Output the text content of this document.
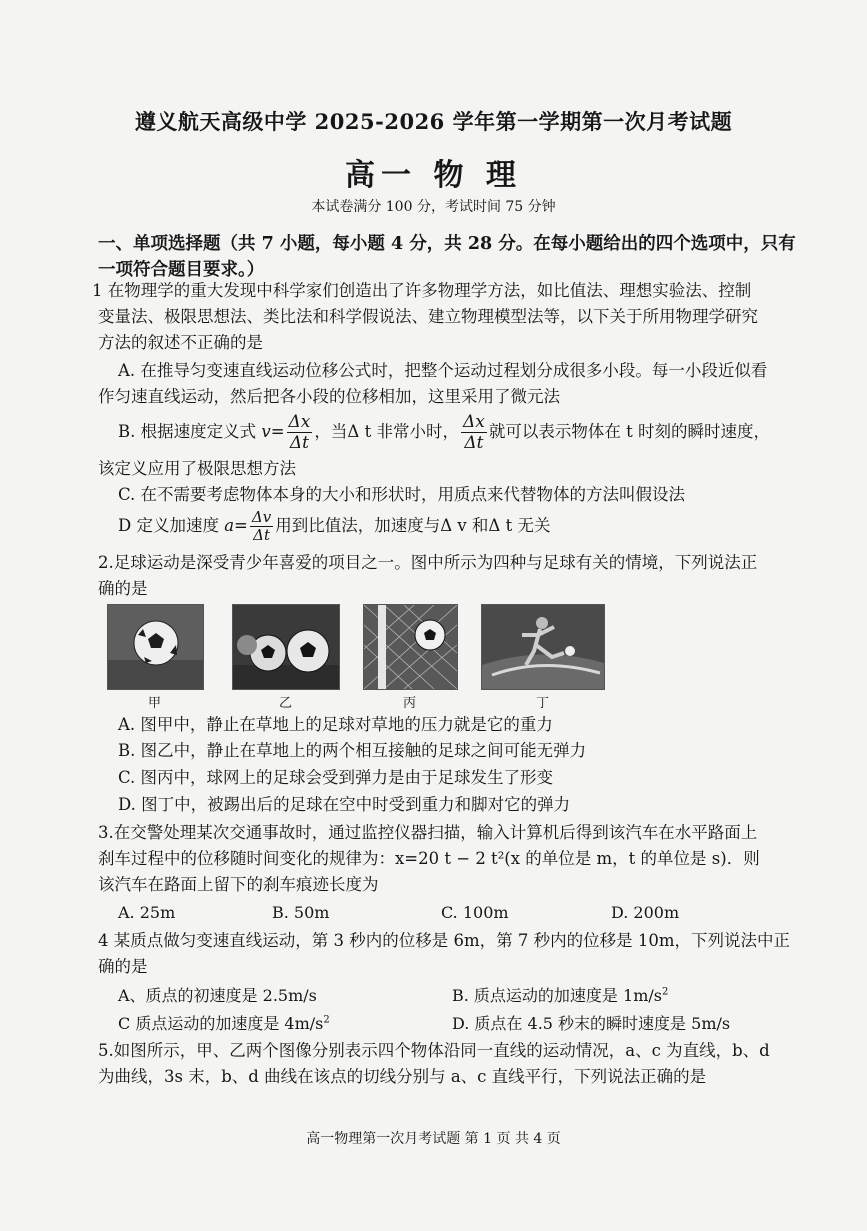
遵义航天高级中学 2025-2026 学年第一学期第一次月考试题
高一 物 理
本试卷满分 100 分，考试时间 75 分钟
一、单项选择题（共 7 小题，每小题 4 分，共 28 分。在每小题给出的四个选项中，只有
一项符合题目要求。）
1 在物理学的重大发现中科学家们创造出了许多物理学方法，如比值法、理想实验法、控制
变量法、极限思想法、类比法和科学假说法、建立物理模型法等，以下关于所用物理学研究
方法的叙述不正确的是
A. 在推导匀变速直线运动位移公式时，把整个运动过程划分成很多小段。每一小段近似看
作匀速直线运动，然后把各小段的位移相加，这里采用了微元法
B. 根据速度定义式 $v= \frac{\Delta x}{\Delta t}$ ，当Δ t 非常小时， $\frac{\Delta x}{\Delta t}$ 就可以表示物体在 t 时刻的瞬时速度，
该定义应用了极限思想方法
C. 在不需要考虑物体本身的大小和形状时，用质点来代替物体的方法叫假设法
D 定义加速度 $a= \frac{\Delta v}{\Delta t}$ 用到比值法，加速度与Δ v 和Δ t 无关
2.足球运动是深受青少年喜爱的项目之一。图中所示为四种与足球有关的情境，下列说法正
确的是
甲	乙	丙	丁
A. 图甲中，静止在草地上的足球对草地的压力就是它的重力
B. 图乙中，静止在草地上的两个相互接触的足球之间可能无弹力
C. 图丙中，球网上的足球会受到弹力是由于足球发生了形变
D. 图丁中，被踢出后的足球在空中时受到重力和脚对它的弹力
3.在交警处理某次交通事故时，通过监控仪器扫描，输入计算机后得到该汽车在水平路面上
刹车过程中的位移随时间变化的规律为：x=20 t − 2 t²(x 的单位是 m，t 的单位是 s)．则
该汽车在路面上留下的刹车痕迹长度为
A. 25m	B. 50m	C. 100m	D. 200m
4 某质点做匀变速直线运动，第 3 秒内的位移是 6m，第 7 秒内的位移是 10m，下列说法中正
确的是
A、质点的初速度是 2.5m/s	B. 质点运动的加速度是 $1m/s^2$
C 质点运动的加速度是 $4m/s^2$	D. 质点在 4.5 秒末的瞬时速度是 5m/s
5.如图所示，甲、乙两个图像分别表示四个物体沿同一直线的运动情况，a、c 为直线，b、d
为曲线，3s 末，b、d 曲线在该点的切线分别与 a、c 直线平行，下列说法正确的是
高一物理第一次月考试题 第 1 页 共 4 页
